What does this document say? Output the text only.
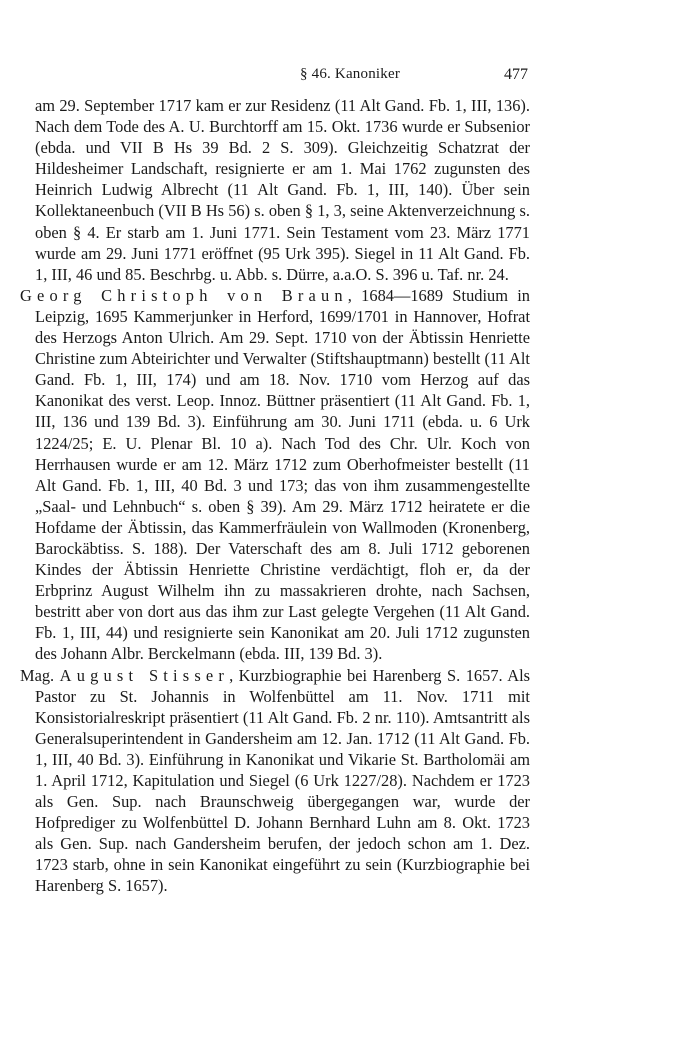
§ 46. Kanoniker	477

am 29. September 1717 kam er zur Residenz (11 Alt Gand. Fb. 1, III, 136). Nach dem Tode des A. U. Burchtorff am 15. Okt. 1736 wurde er Subsenior (ebda. und VII B Hs 39 Bd. 2 S. 309). Gleichzeitig Schatzrat der Hildesheimer Landschaft, resignierte er am 1. Mai 1762 zugunsten des Heinrich Ludwig Albrecht (11 Alt Gand. Fb. 1, III, 140). Über sein Kollektaneenbuch (VII B Hs 56) s. oben § 1, 3, seine Aktenverzeichnung s. oben § 4. Er starb am 1. Juni 1771. Sein Testament vom 23. März 1771 wurde am 29. Juni 1771 eröffnet (95 Urk 395). Siegel in 11 Alt Gand. Fb. 1, III, 46 und 85. Beschrbg. u. Abb. s. Dürre, a.a.O. S. 396 u. Taf. nr. 24.

Georg Christoph von Braun, 1684—1689 Studium in Leipzig, 1695 Kammerjunker in Herford, 1699/1701 in Hannover, Hofrat des Herzogs Anton Ulrich. Am 29. Sept. 1710 von der Äbtissin Henriette Christine zum Abteirichter und Verwalter (Stiftshauptmann) bestellt (11 Alt Gand. Fb. 1, III, 174) und am 18. Nov. 1710 vom Herzog auf das Kanonikat des verst. Leop. Innoz. Büttner präsentiert (11 Alt Gand. Fb. 1, III, 136 und 139 Bd. 3). Einführung am 30. Juni 1711 (ebda. u. 6 Urk 1224/25; E. U. Plenar Bl. 10 a). Nach Tod des Chr. Ulr. Koch von Herrhausen wurde er am 12. März 1712 zum Oberhofmeister bestellt (11 Alt Gand. Fb. 1, III, 40 Bd. 3 und 173; das von ihm zusammengestellte „Saal- und Lehnbuch“ s. oben § 39). Am 29. März 1712 heiratete er die Hofdame der Äbtissin, das Kammerfräulein von Wallmoden (Kronenberg, Barockäbtiss. S. 188). Der Vaterschaft des am 8. Juli 1712 geborenen Kindes der Äbtissin Henriette Christine verdächtigt, floh er, da der Erbprinz August Wilhelm ihn zu massakrieren drohte, nach Sachsen, bestritt aber von dort aus das ihm zur Last gelegte Vergehen (11 Alt Gand. Fb. 1, III, 44) und resignierte sein Kanonikat am 20. Juli 1712 zugunsten des Johann Albr. Berckelmann (ebda. III, 139 Bd. 3).

Mag. August Stisser, Kurzbiographie bei Harenberg S. 1657. Als Pastor zu St. Johannis in Wolfenbüttel am 11. Nov. 1711 mit Konsistorialreskript präsentiert (11 Alt Gand. Fb. 2 nr. 110). Amtsantritt als Generalsuperintendent in Gandersheim am 12. Jan. 1712 (11 Alt Gand. Fb. 1, III, 40 Bd. 3). Einführung in Kanonikat und Vikarie St. Bartholomäi am 1. April 1712, Kapitulation und Siegel (6 Urk 1227/28). Nachdem er 1723 als Gen. Sup. nach Braunschweig übergegangen war, wurde der Hofprediger zu Wolfenbüttel D. Johann Bernhard Luhn am 8. Okt. 1723 als Gen. Sup. nach Gandersheim berufen, der jedoch schon am 1. Dez. 1723 starb, ohne in sein Kanonikat eingeführt zu sein (Kurzbiographie bei Harenberg S. 1657).
